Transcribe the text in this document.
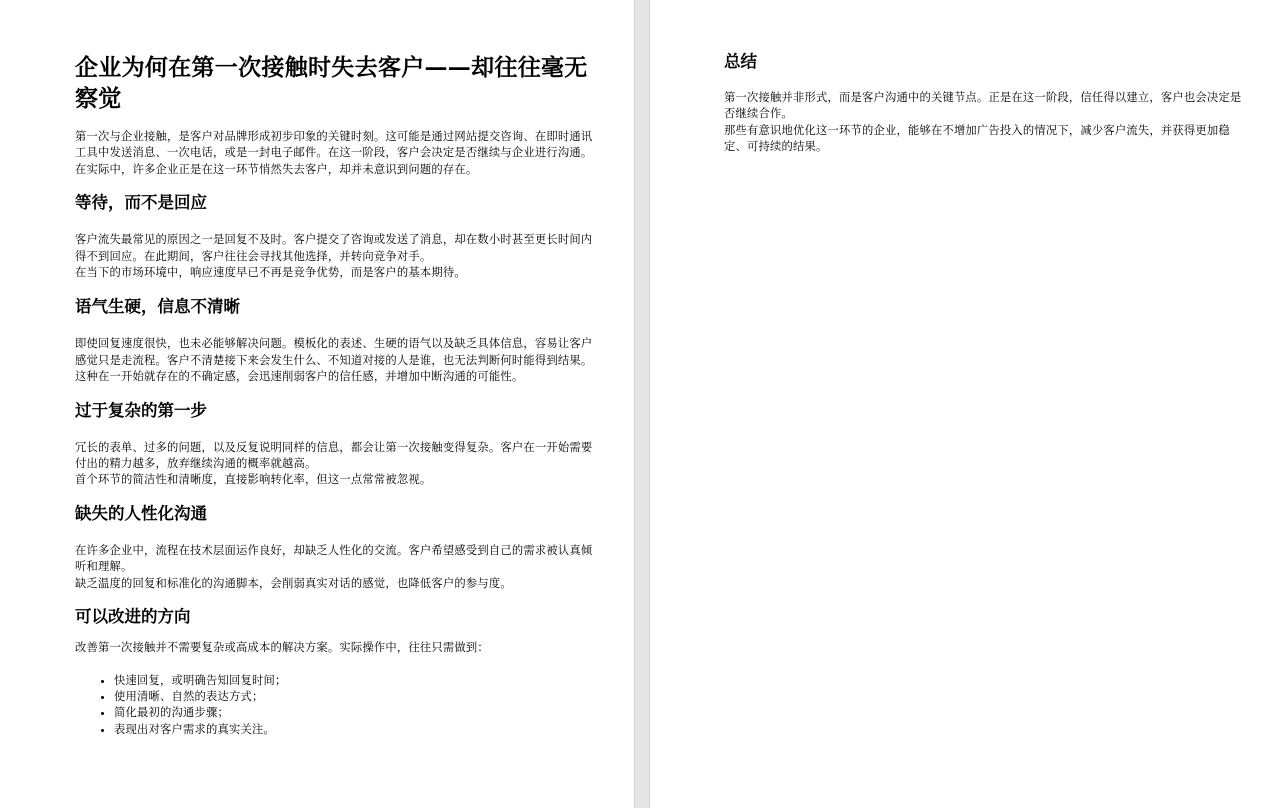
企业为何在第一次接触时失去客户——却往往毫无察觉

第一次与企业接触，是客户对品牌形成初步印象的关键时刻。这可能是通过网站提交咨询、在即时通讯工具中发送消息、一次电话，或是一封电子邮件。在这一阶段，客户会决定是否继续与企业进行沟通。

在实际中，许多企业正是在这一环节悄然失去客户，却并未意识到问题的存在。

等待，而不是回应

客户流失最常见的原因之一是回复不及时。客户提交了咨询或发送了消息，却在数小时甚至更长时间内得不到回应。在此期间，客户往往会寻找其他选择，并转向竞争对手。

在当下的市场环境中，响应速度早已不再是竞争优势，而是客户的基本期待。

语气生硬，信息不清晰

即使回复速度很快，也未必能够解决问题。模板化的表述、生硬的语气以及缺乏具体信息，容易让客户感觉只是走流程。客户不清楚接下来会发生什么、不知道对接的人是谁，也无法判断何时能得到结果。

这种在一开始就存在的不确定感，会迅速削弱客户的信任感，并增加中断沟通的可能性。

过于复杂的第一步

冗长的表单、过多的问题，以及反复说明同样的信息，都会让第一次接触变得复杂。客户在一开始需要付出的精力越多，放弃继续沟通的概率就越高。

首个环节的简洁性和清晰度，直接影响转化率，但这一点常常被忽视。

缺失的人性化沟通

在许多企业中，流程在技术层面运作良好，却缺乏人性化的交流。客户希望感受到自己的需求被认真倾听和理解。

缺乏温度的回复和标准化的沟通脚本，会削弱真实对话的感觉，也降低客户的参与度。

可以改进的方向

改善第一次接触并不需要复杂或高成本的解决方案。实际操作中，往往只需做到：

• 快速回复，或明确告知回复时间；
• 使用清晰、自然的表达方式；
• 简化最初的沟通步骤；
• 表现出对客户需求的真实关注。
总结

第一次接触并非形式，而是客户沟通中的关键节点。正是在这一阶段，信任得以建立，客户也会决定是否继续合作。

那些有意识地优化这一环节的企业，能够在不增加广告投入的情况下，减少客户流失，并获得更加稳定、可持续的结果。
